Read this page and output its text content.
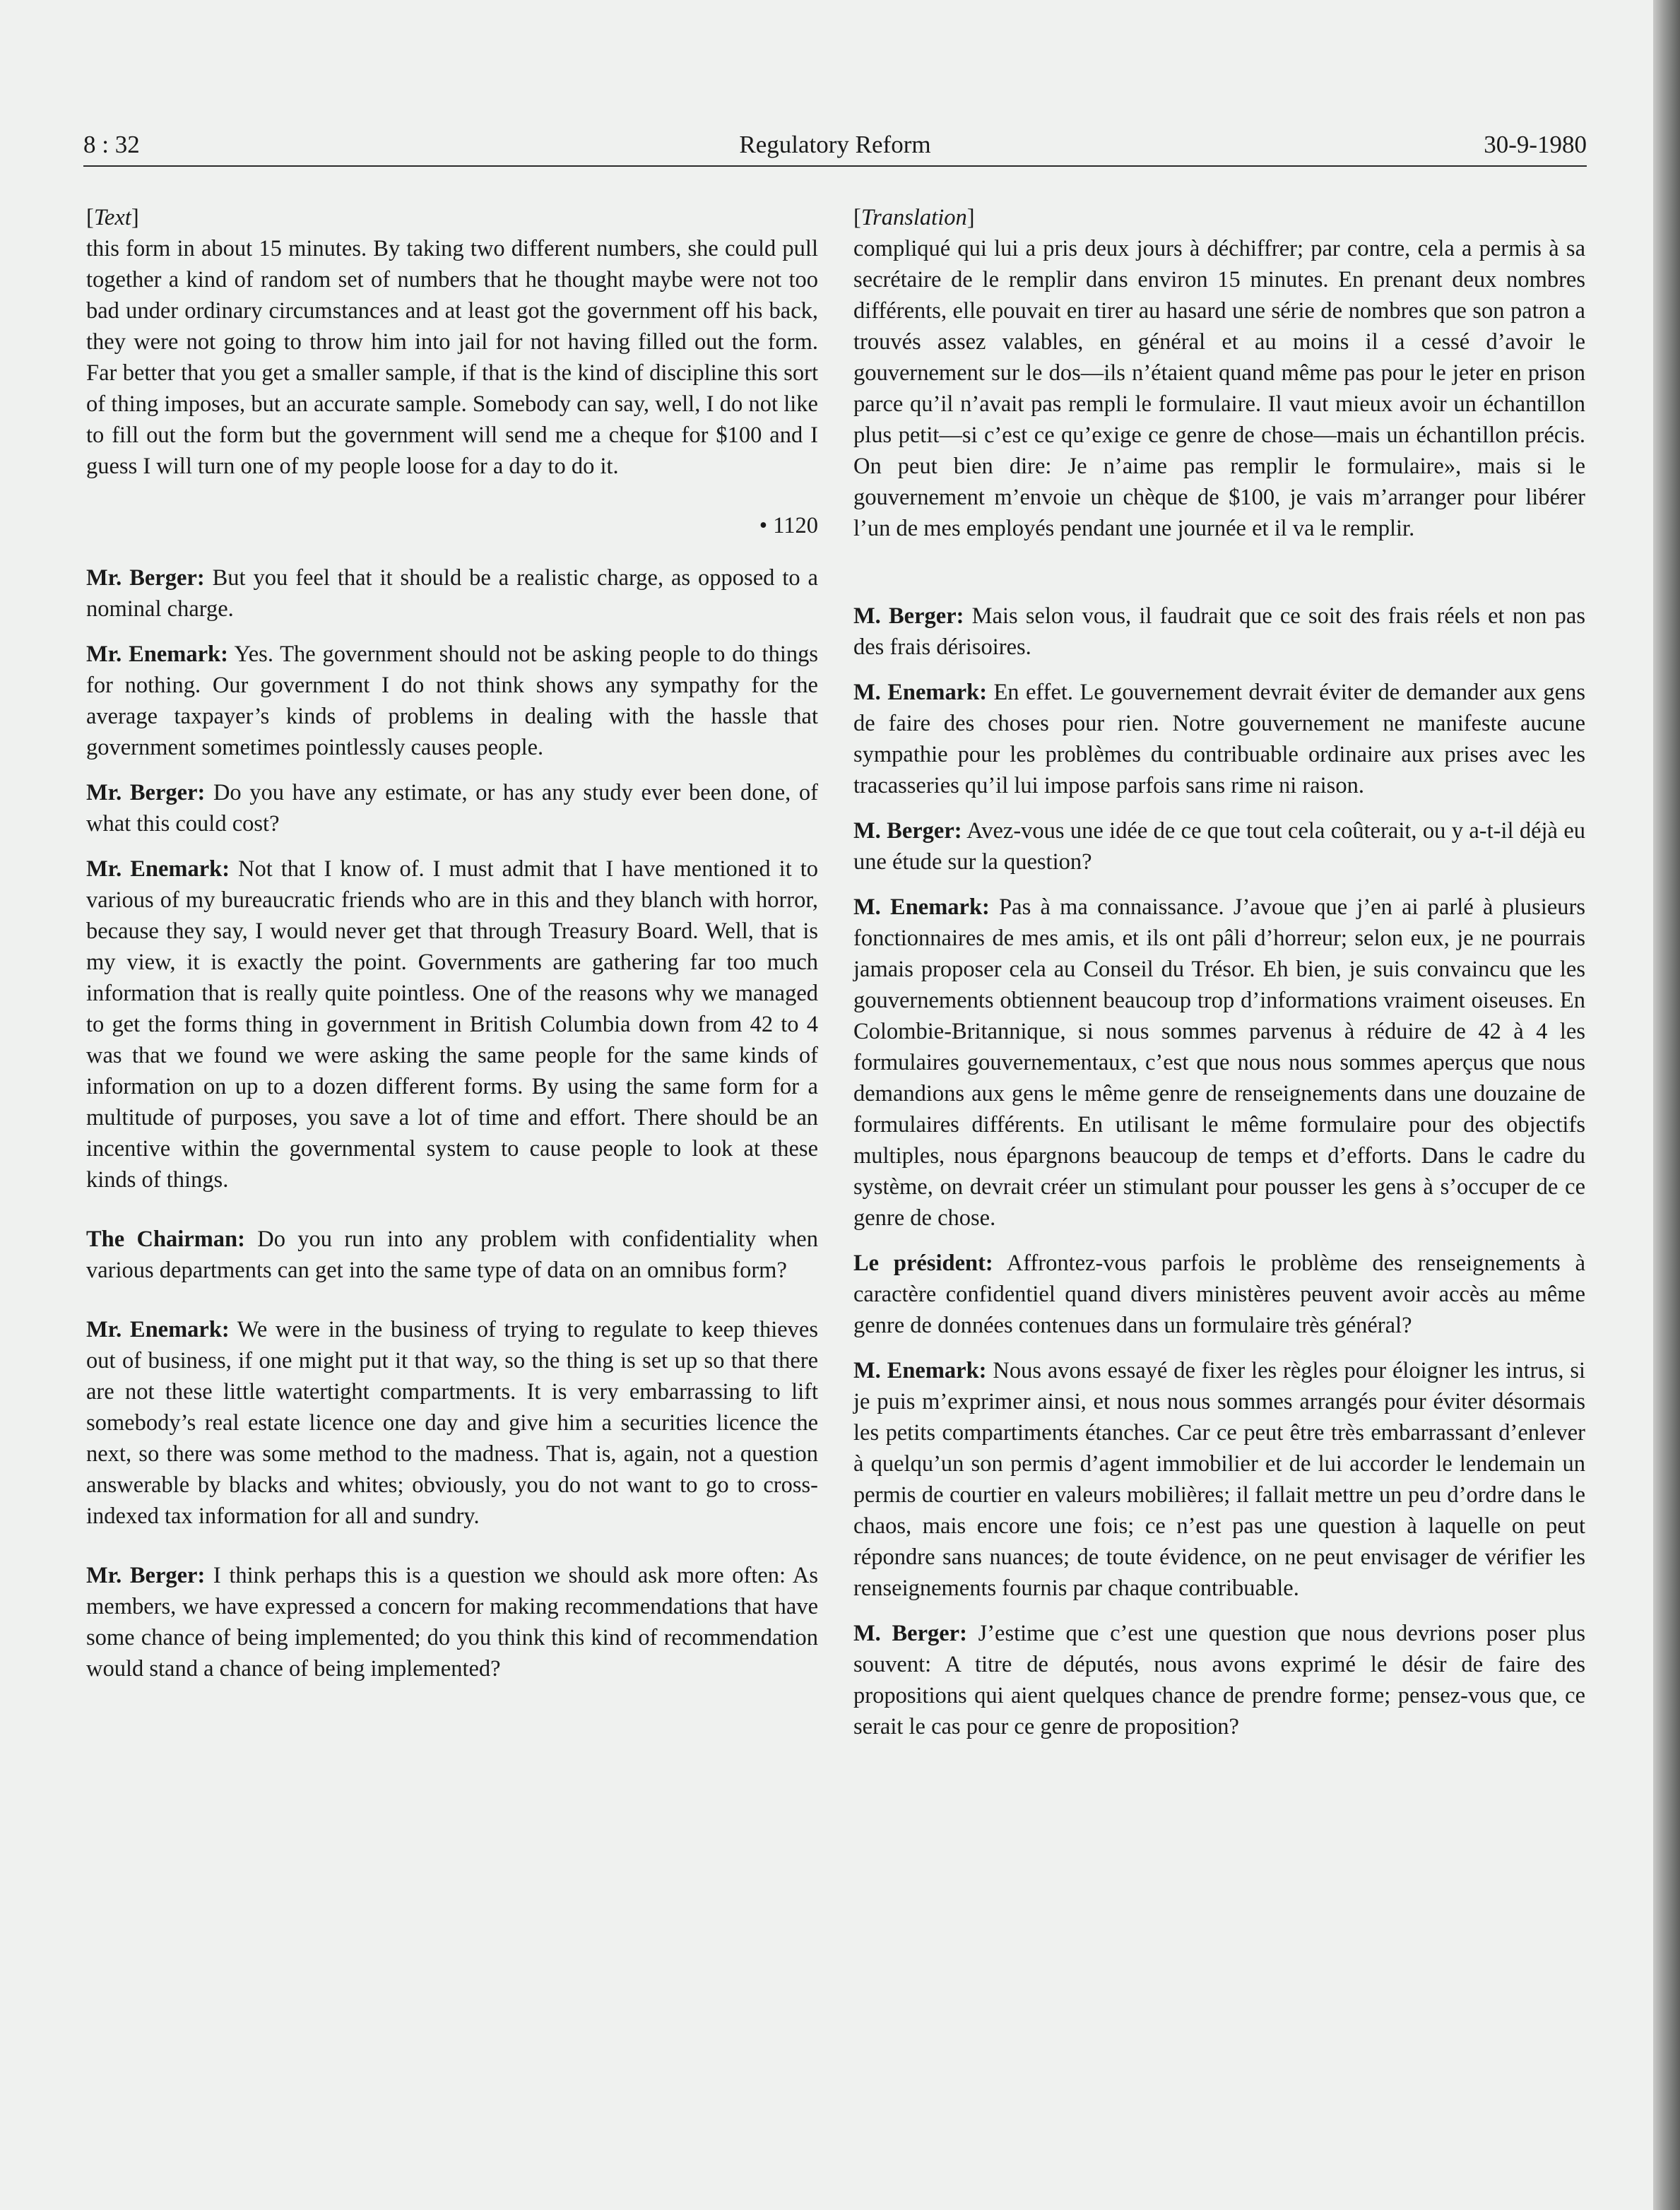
8 : 32	Regulatory Reform	30-9-1980

[Text]

this form in about 15 minutes. By taking two different numbers, she could pull together a kind of random set of numbers that he thought maybe were not too bad under ordinary circumstances and at least got the government off his back, they were not going to throw him into jail for not having filled out the form. Far better that you get a smaller sample, if that is the kind of discipline this sort of thing imposes, but an accurate sample. Somebody can say, well, I do not like to fill out the form but the government will send me a cheque for $100 and I guess I will turn one of my people loose for a day to do it.

• 1120

Mr. Berger: But you feel that it should be a realistic charge, as opposed to a nominal charge.

Mr. Enemark: Yes. The government should not be asking people to do things for nothing. Our government I do not think shows any sympathy for the average taxpayer’s kinds of problems in dealing with the hassle that government sometimes pointlessly causes people.

Mr. Berger: Do you have any estimate, or has any study ever been done, of what this could cost?

Mr. Enemark: Not that I know of. I must admit that I have mentioned it to various of my bureaucratic friends who are in this and they blanch with horror, because they say, I would never get that through Treasury Board. Well, that is my view, it is exactly the point. Governments are gathering far too much information that is really quite pointless. One of the reasons why we managed to get the forms thing in government in British Columbia down from 42 to 4 was that we found we were asking the same people for the same kinds of information on up to a dozen different forms. By using the same form for a multitude of purposes, you save a lot of time and effort. There should be an incentive within the governmental system to cause people to look at these kinds of things.

The Chairman: Do you run into any problem with confidentiality when various departments can get into the same type of data on an omnibus form?

Mr. Enemark: We were in the business of trying to regulate to keep thieves out of business, if one might put it that way, so the thing is set up so that there are not these little watertight compartments. It is very embarrassing to lift somebody’s real estate licence one day and give him a securities licence the next, so there was some method to the madness. That is, again, not a question answerable by blacks and whites; obviously, you do not want to go to cross-indexed tax information for all and sundry.

Mr. Berger: I think perhaps this is a question we should ask more often: As members, we have expressed a concern for making recommendations that have some chance of being implemented; do you think this kind of recommendation would stand a chance of being implemented?

[Translation]

compliqué qui lui a pris deux jours à déchiffrer; par contre, cela a permis à sa secrétaire de le remplir dans environ 15 minutes. En prenant deux nombres différents, elle pouvait en tirer au hasard une série de nombres que son patron a trouvés assez valables, en général et au moins il a cessé d’avoir le gouvernement sur le dos—ils n’étaient quand même pas pour le jeter en prison parce qu’il n’avait pas rempli le formulaire. Il vaut mieux avoir un échantillon plus petit—si c’est ce qu’exige ce genre de chose—mais un échantillon précis. On peut bien dire: Je n’aime pas remplir le formulaire», mais si le gouvernement m’envoie un chèque de $100, je vais m’arranger pour libérer l’un de mes employés pendant une journée et il va le remplir.

M. Berger: Mais selon vous, il faudrait que ce soit des frais réels et non pas des frais dérisoires.

M. Enemark: En effet. Le gouvernement devrait éviter de demander aux gens de faire des choses pour rien. Notre gouvernement ne manifeste aucune sympathie pour les problèmes du contribuable ordinaire aux prises avec les tracasseries qu’il lui impose parfois sans rime ni raison.

M. Berger: Avez-vous une idée de ce que tout cela coûterait, ou y a-t-il déjà eu une étude sur la question?

M. Enemark: Pas à ma connaissance. J’avoue que j’en ai parlé à plusieurs fonctionnaires de mes amis, et ils ont pâli d’horreur; selon eux, je ne pourrais jamais proposer cela au Conseil du Trésor. Eh bien, je suis convaincu que les gouvernements obtiennent beaucoup trop d’informations vraiment oiseuses. En Colombie-Britannique, si nous sommes parvenus à réduire de 42 à 4 les formulaires gouvernementaux, c’est que nous nous sommes aperçus que nous demandions aux gens le même genre de renseignements dans une douzaine de formulaires différents. En utilisant le même formulaire pour des objectifs multiples, nous épargnons beaucoup de temps et d’efforts. Dans le cadre du système, on devrait créer un stimulant pour pousser les gens à s’occuper de ce genre de chose.

Le président: Affrontez-vous parfois le problème des renseignements à caractère confidentiel quand divers ministères peuvent avoir accès au même genre de données contenues dans un formulaire très général?

M. Enemark: Nous avons essayé de fixer les règles pour éloigner les intrus, si je puis m’exprimer ainsi, et nous nous sommes arrangés pour éviter désormais les petits compartiments étanches. Car ce peut être très embarrassant d’enlever à quelqu’un son permis d’agent immobilier et de lui accorder le lendemain un permis de courtier en valeurs mobilières; il fallait mettre un peu d’ordre dans le chaos, mais encore une fois; ce n’est pas une question à laquelle on peut répondre sans nuances; de toute évidence, on ne peut envisager de vérifier les renseignements fournis par chaque contribuable.

M. Berger: J’estime que c’est une question que nous devrions poser plus souvent: A titre de députés, nous avons exprimé le désir de faire des propositions qui aient quelques chance de prendre forme; pensez-vous que, ce serait le cas pour ce genre de proposition?
